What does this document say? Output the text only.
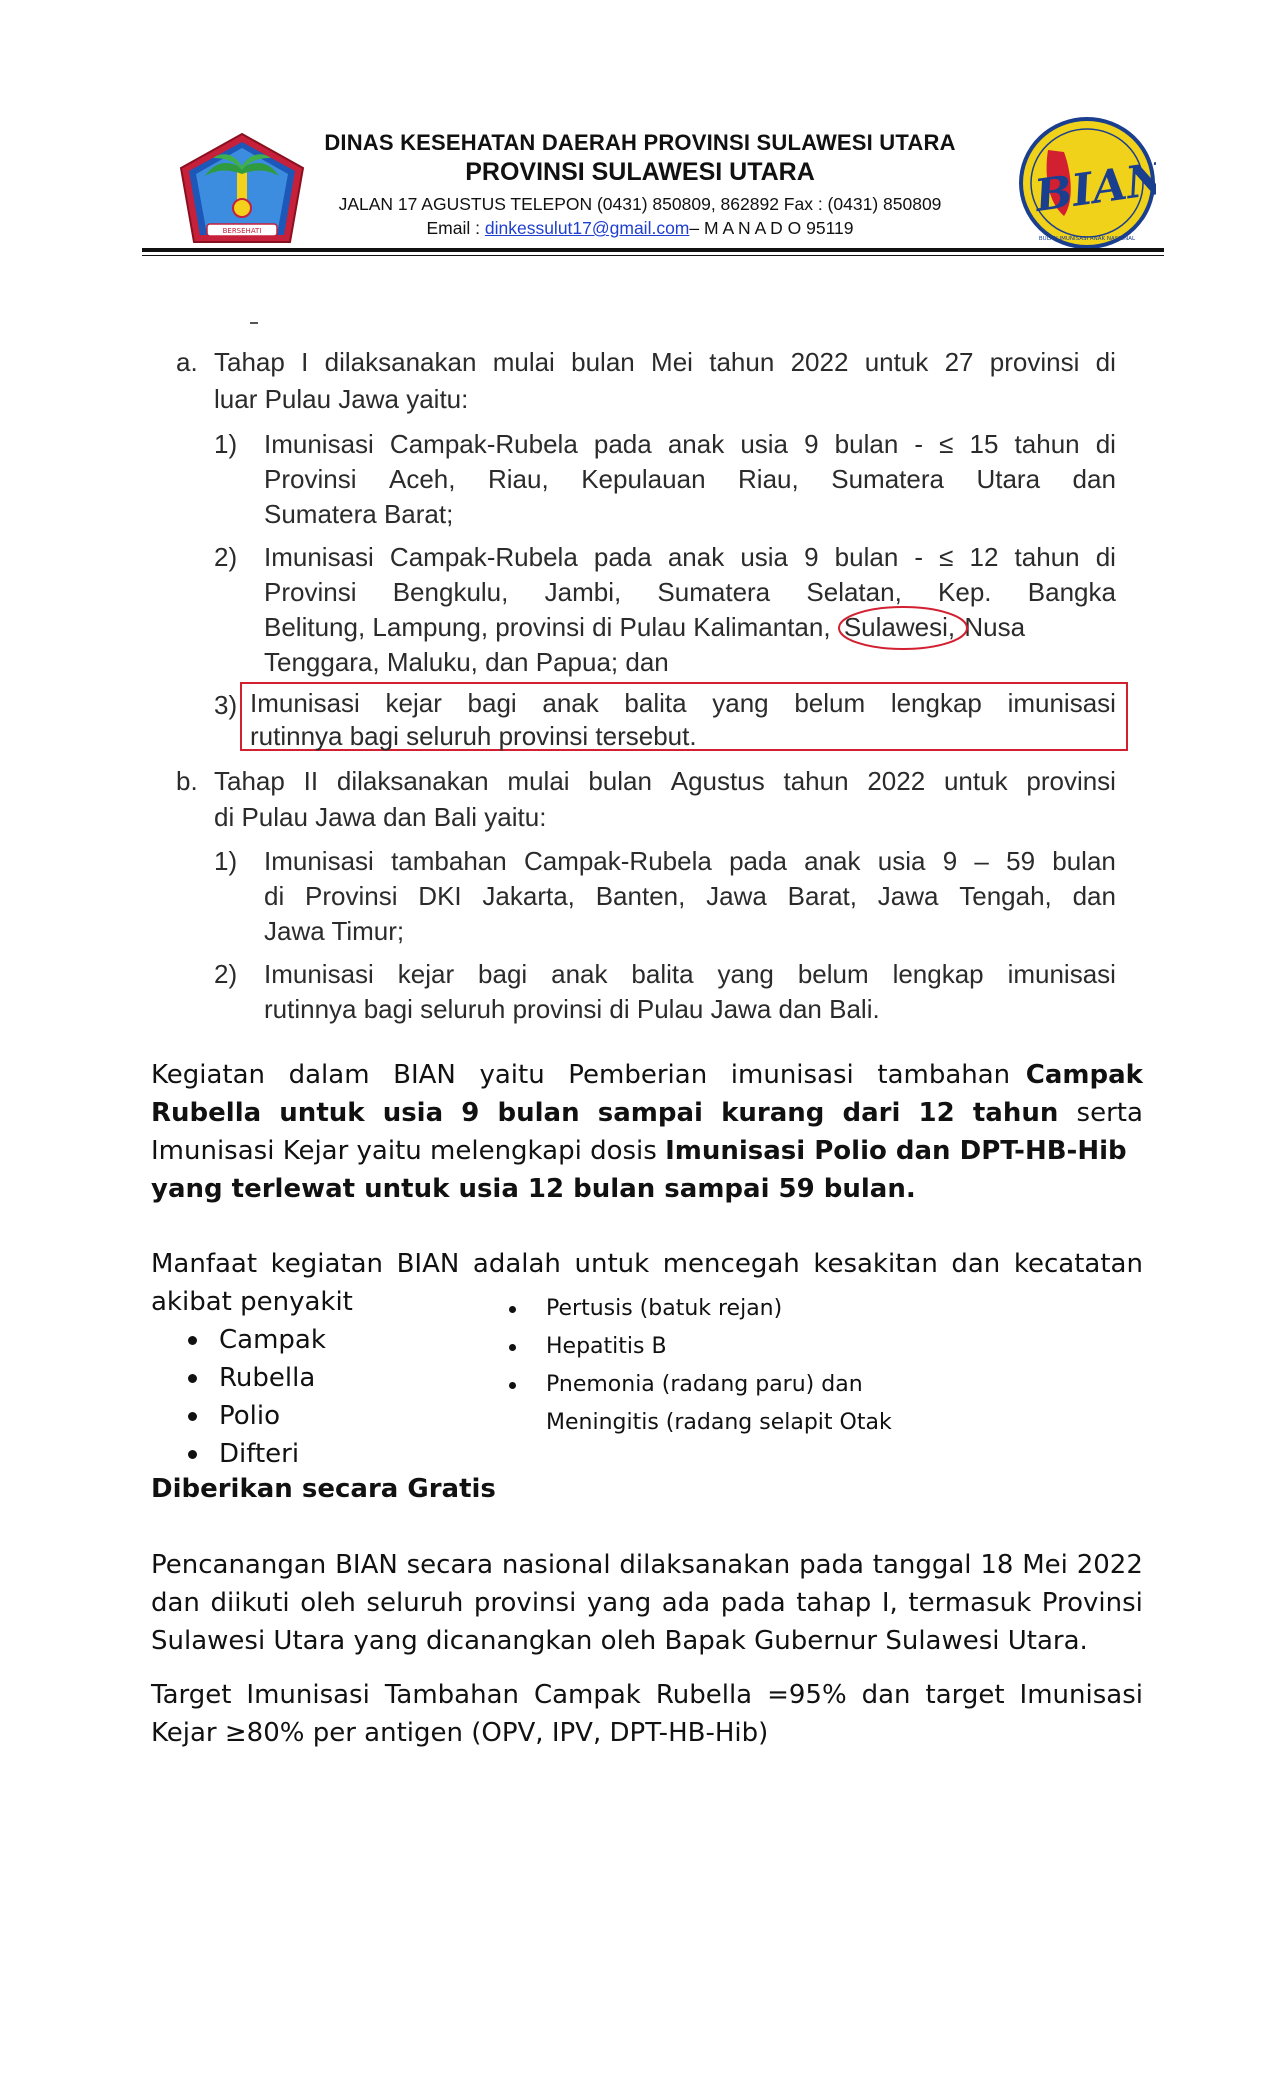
BERSEHATI
DINAS KESEHATAN DAERAH PROVINSI SULAWESI UTARA
PROVINSI SULAWESI UTARA
JALAN 17 AGUSTUS TELEPON (0431) 850809, 862892 Fax : (0431) 850809
Email : dinkessulut17@gmail.com– M A N A D O 95119
BIAN
BULAN IMUNISASI ANAK NASIONAL
a. Tahap I dilaksanakan mulai bulan Mei tahun 2022 untuk 27 provinsi di
luar Pulau Jawa yaitu:
1) Imunisasi Campak-Rubela pada anak usia 9 bulan - ≤ 15 tahun di
Provinsi Aceh, Riau, Kepulauan Riau, Sumatera Utara dan
Sumatera Barat;
2) Imunisasi Campak-Rubela pada anak usia 9 bulan - ≤ 12 tahun di
Provinsi Bengkulu, Jambi, Sumatera Selatan, Kep. Bangka
Belitung, Lampung, provinsi di Pulau Kalimantan, Sulawesi, Nusa
Tenggara, Maluku, dan Papua; dan
3) Imunisasi kejar bagi anak balita yang belum lengkap imunisasi
rutinnya bagi seluruh provinsi tersebut.
b. Tahap II dilaksanakan mulai bulan Agustus tahun 2022 untuk provinsi
di Pulau Jawa dan Bali yaitu:
1) Imunisasi tambahan Campak-Rubela pada anak usia 9 – 59 bulan
di Provinsi DKI Jakarta, Banten, Jawa Barat, Jawa Tengah, dan
Jawa Timur;
2) Imunisasi kejar bagi anak balita yang belum lengkap imunisasi
rutinnya bagi seluruh provinsi di Pulau Jawa dan Bali.
Kegiatan dalam BIAN yaitu Pemberian imunisasi tambahan Campak
Rubella untuk usia 9 bulan sampai kurang dari 12 tahun serta
Imunisasi Kejar yaitu melengkapi dosis Imunisasi Polio dan DPT-HB-Hib
yang terlewat untuk usia 12 bulan sampai 59 bulan.
Manfaat kegiatan BIAN adalah untuk mencegah kesakitan dan kecatatan
akibat penyakit
Campak
Rubella
Polio
Difteri
Pertusis (batuk rejan)
Hepatitis B
Pnemonia (radang paru) dan
Meningitis (radang selapit Otak
Diberikan secara Gratis
Pencanangan BIAN secara nasional dilaksanakan pada tanggal 18 Mei 2022
dan diikuti oleh seluruh provinsi yang ada pada tahap I, termasuk Provinsi
Sulawesi Utara yang dicanangkan oleh Bapak Gubernur Sulawesi Utara.
Target Imunisasi Tambahan Campak Rubella =95% dan target Imunisasi
Kejar ≥80% per antigen (OPV, IPV, DPT-HB-Hib)
